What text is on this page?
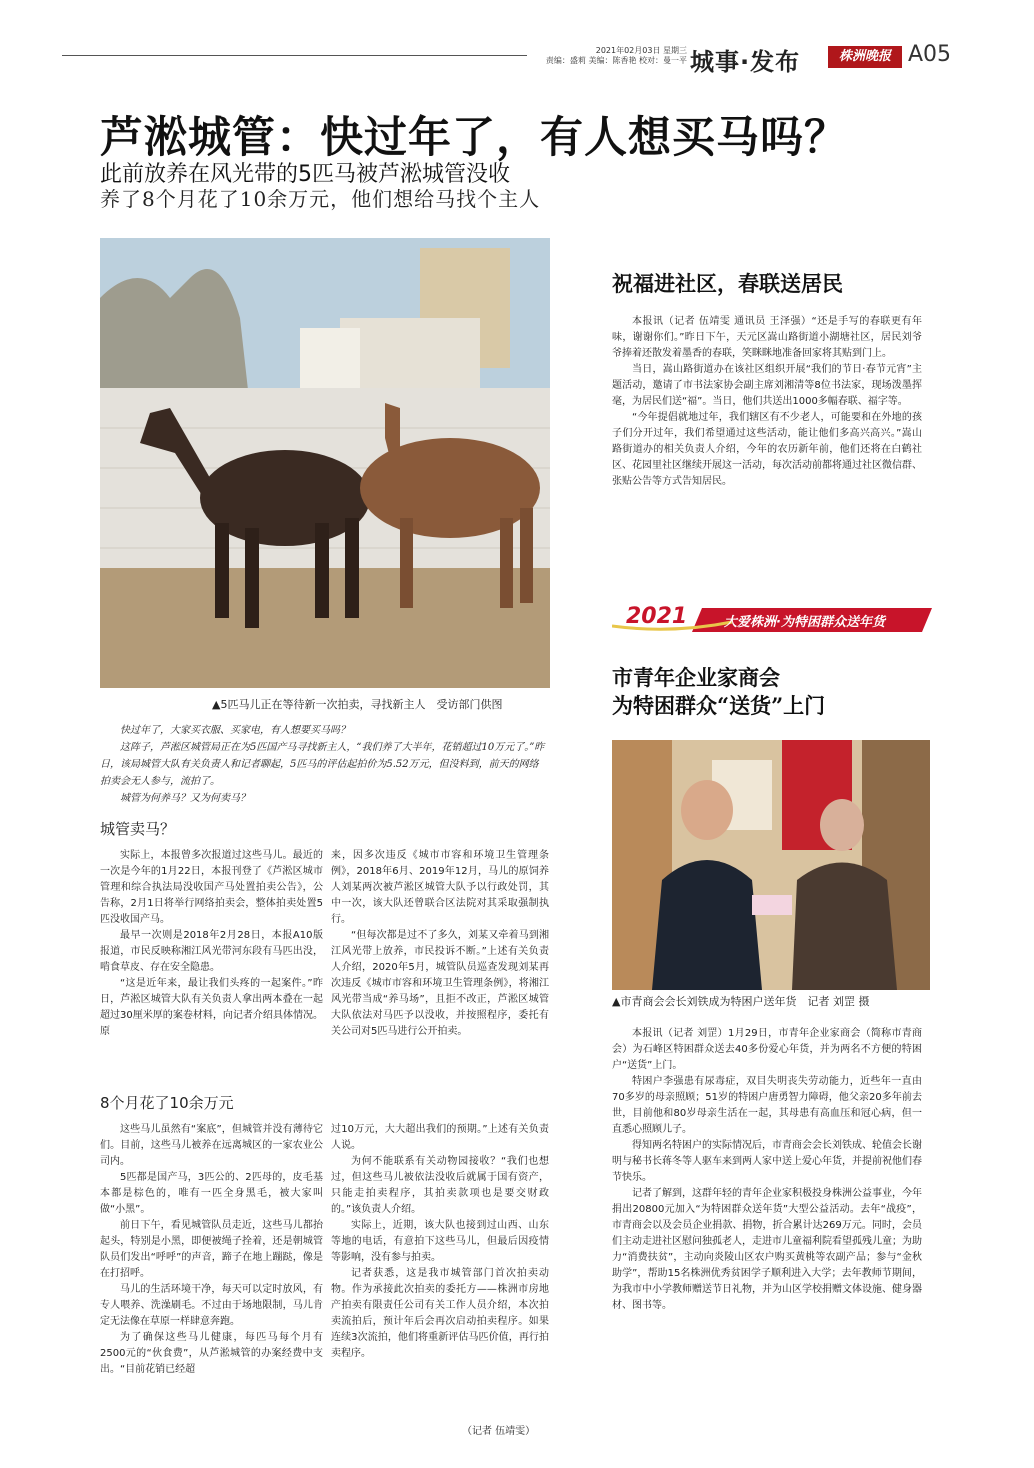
2021年02月03日 星期三
责编：盛莉 美编：陈香艳 校对：曼一平 城事·发布	株洲晚报 A05
芦淞城管：快过年了，有人想买马吗？
此前放养在风光带的5匹马被芦淞城管没收
养了8个月花了10余万元，他们想给马找个主人
▲5匹马儿正在等待新一次拍卖，寻找新主人　受访部门供图

快过年了，大家买衣服、买家电，有人想要买马吗？

这阵子，芦淞区城管局正在为5匹国产马寻找新主人，“我们养了大半年，花销超过10万元了。”昨日，该局城管大队有关负责人和记者聊起，5匹马的评估起拍价为5.52万元，但没料到，前天的网络拍卖会无人参与，流拍了。

城管为何养马？又为何卖马？

城管卖马？

实际上，本报曾多次报道过这些马儿。最近的一次是今年的1月22日，本报刊登了《芦淞区城市管理和综合执法局没收国产马处置拍卖公告》，公告称，2月1日将举行网络拍卖会，整体拍卖处置5匹没收国产马。

最早一次则是2018年2月28日，本报A10版报道，市民反映称湘江风光带河东段有马匹出没，啃食草皮、存在安全隐患。

“这是近年来，最让我们头疼的一起案件。”昨日，芦淞区城管大队有关负责人拿出两本叠在一起超过30厘米厚的案卷材料，向记者介绍具体情况。原

来，因多次违反《城市市容和环境卫生管理条例》，2018年6月、2019年12月，马儿的原饲养人刘某两次被芦淞区城管大队予以行政处罚，其中一次，该大队还曾联合区法院对其采取强制执行。

“但每次都是过不了多久，刘某又牵着马到湘江风光带上放养，市民投诉不断。”上述有关负责人介绍，2020年5月，城管队员巡查发现刘某再次违反《城市市容和环境卫生管理条例》，将湘江风光带当成“养马场”，且拒不改正，芦淞区城管大队依法对马匹予以没收，并按照程序，委托有关公司对5匹马进行公开拍卖。

8个月花了10余万元

这些马儿虽然有“案底”，但城管并没有薄待它们。目前，这些马儿被养在远离城区的一家农业公司内。

5匹都是国产马，3匹公的、2匹母的，皮毛基本都是棕色的，唯有一匹全身黑毛，被大家叫做“小黑”。

前日下午，看见城管队员走近，这些马儿都抬起头，特别是小黑，即便被绳子拴着，还是朝城管队员们发出“呼呼”的声音，蹄子在地上蹦跶，像是在打招呼。

马儿的生活环境干净，每天可以定时放风，有专人喂养、洗澡刷毛。不过由于场地限制，马儿肯定无法像在草原一样肆意奔跑。

为了确保这些马儿健康，每匹马每个月有2500元的“伙食费”，从芦淞城管的办案经费中支出。“目前花销已经超

过10万元，大大超出我们的预期。”上述有关负责人说。

为何不能联系有关动物园接收？“我们也想过，但这些马儿被依法没收后就属于国有资产，只能走拍卖程序，其拍卖款项也是要交财政的。”该负责人介绍。

实际上，近期，该大队也接到过山西、山东等地的电话，有意拍下这些马儿，但最后因疫情等影响，没有参与拍卖。

记者获悉，这是我市城管部门首次拍卖动物。作为承接此次拍卖的委托方——株洲市房地产拍卖有限责任公司有关工作人员介绍，本次拍卖流拍后，预计年后会再次启动拍卖程序。如果连续3次流拍，他们将重新评估马匹价值，再行拍卖程序。

（记者 伍靖雯）
祝福进社区，春联送居民

本报讯（记者 伍靖雯 通讯员 王泽强）“还是手写的春联更有年味，谢谢你们。”昨日下午，天元区嵩山路街道小湖塘社区，居民刘爷爷捧着还散发着墨香的春联，笑眯眯地准备回家将其贴到门上。

当日，嵩山路街道办在该社区组织开展“我们的节日·春节元宵”主题活动，邀请了市书法家协会副主席刘湘清等8位书法家，现场泼墨挥毫，为居民们送“福”。当日，他们共送出1000多幅春联、福字等。

“今年提倡就地过年，我们辖区有不少老人，可能要和在外地的孩子们分开过年，我们希望通过这些活动，能让他们多高兴高兴。”嵩山路街道办的相关负责人介绍，今年的农历新年前，他们还将在白鹤社区、花园里社区继续开展这一活动，每次活动前都将通过社区微信群、张贴公告等方式告知居民。

2021	大爱株洲·为特困群众送年货
市青年企业家商会
为特困群众“送货”上门
▲市青商会会长刘铁成为特困户送年货　记者 刘罡 摄

本报讯（记者 刘罡）1月29日，市青年企业家商会（简称市青商会）为石峰区特困群众送去40多份爱心年货，并为两名不方便的特困户“送货”上门。

特困户李强患有尿毒症，双目失明丧失劳动能力，近些年一直由70多岁的母亲照顾；51岁的特困户唐勇智力障碍，他父亲20多年前去世，目前他和80岁母亲生活在一起，其母患有高血压和冠心病，但一直悉心照顾儿子。

得知两名特困户的实际情况后，市青商会会长刘铁成、轮值会长谢明与秘书长蒋冬等人驱车来到两人家中送上爱心年货，并提前祝他们春节快乐。

记者了解到，这群年轻的青年企业家积极投身株洲公益事业，今年捐出20800元加入“为特困群众送年货”大型公益活动。去年“战疫”，市青商会以及会员企业捐款、捐物，折合累计达269万元。同时，会员们主动走进社区慰问独孤老人，走进市儿童福利院看望孤残儿童；为助力“消费扶贫”，主动向炎陵山区农户购买黄桃等农副产品；参与“金秋助学”，帮助15名株洲优秀贫困学子顺利进入大学；去年教师节期间，为我市中小学教师赠送节日礼物，并为山区学校捐赠文体设施、健身器材、图书等。
